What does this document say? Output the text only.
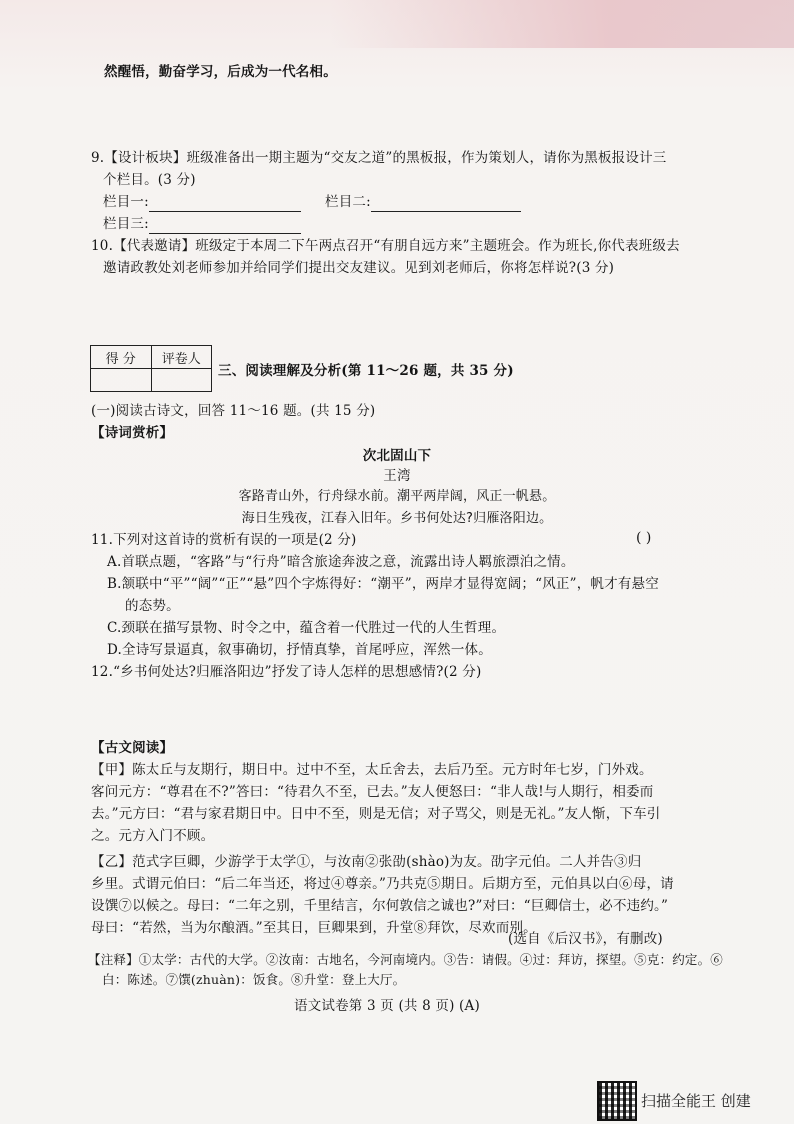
然醒悟，勤奋学习，后成为一代名相。
9.【设计板块】班级准备出一期主题为“交友之道”的黑板报，作为策划人，请你为黑板报设计三
个栏目。(3 分)
栏目一:	栏目二:
栏目三:
10.【代表邀请】班级定于本周二下午两点召开“有朋自远方来”主题班会。作为班长,你代表班级去
邀请政教处刘老师参加并给同学们提出交友建议。见到刘老师后，你将怎样说?(3 分)
得 分	评卷人

三、阅读理解及分析(第 11～26 题，共 35 分)
(一)阅读古诗文，回答 11～16 题。(共 15 分)
【诗词赏析】
次北固山下
王湾
客路青山外，行舟绿水前。潮平两岸阔，风正一帆悬。
海日生残夜，江春入旧年。乡书何处达?归雁洛阳边。
11.下列对这首诗的赏析有误的一项是(2 分)	( )
A.首联点题，“客路”与“行舟”暗含旅途奔波之意，流露出诗人羁旅漂泊之情。
B.颔联中“平”“阔”“正”“悬”四个字炼得好：“潮平”，两岸才显得宽阔；“风正”，帆才有悬空
的态势。
C.颈联在描写景物、时令之中，蕴含着一代胜过一代的人生哲理。
D.全诗写景逼真，叙事确切，抒情真挚，首尾呼应，浑然一体。
12.“乡书何处达?归雁洛阳边”抒发了诗人怎样的思想感情?(2 分)
【古文阅读】
【甲】陈太丘与友期行，期日中。过中不至，太丘舍去，去后乃至。元方时年七岁，门外戏。
客问元方：“尊君在不?”答曰：“待君久不至，已去。”友人便怒曰：“非人哉!与人期行，相委而
去。”元方曰：“君与家君期日中。日中不至，则是无信；对子骂父，则是无礼。”友人惭，下车引
之。元方入门不顾。
【乙】范式字巨卿，少游学于太学①，与汝南②张劭(shào)为友。劭字元伯。二人并告③归
乡里。式谓元伯曰：“后二年当还，将过④尊亲。”乃共克⑤期日。后期方至，元伯具以白⑥母，请
设馔⑦以候之。母曰：“二年之别，千里结言，尔何敦信之诚也?”对曰：“巨卿信士，必不违约。”
母曰：“若然，当为尔酿酒。”至其日，巨卿果到，升堂⑧拜饮，尽欢而别。
(选自《后汉书》，有删改)
【注释】①太学：古代的大学。②汝南：古地名，今河南境内。③告：请假。④过：拜访，探望。⑤克：约定。⑥
白：陈述。⑦馔(zhuàn)：饭食。⑧升堂：登上大厅。
语文试卷第 3 页 (共 8 页) (A)
扫描全能王 创建
